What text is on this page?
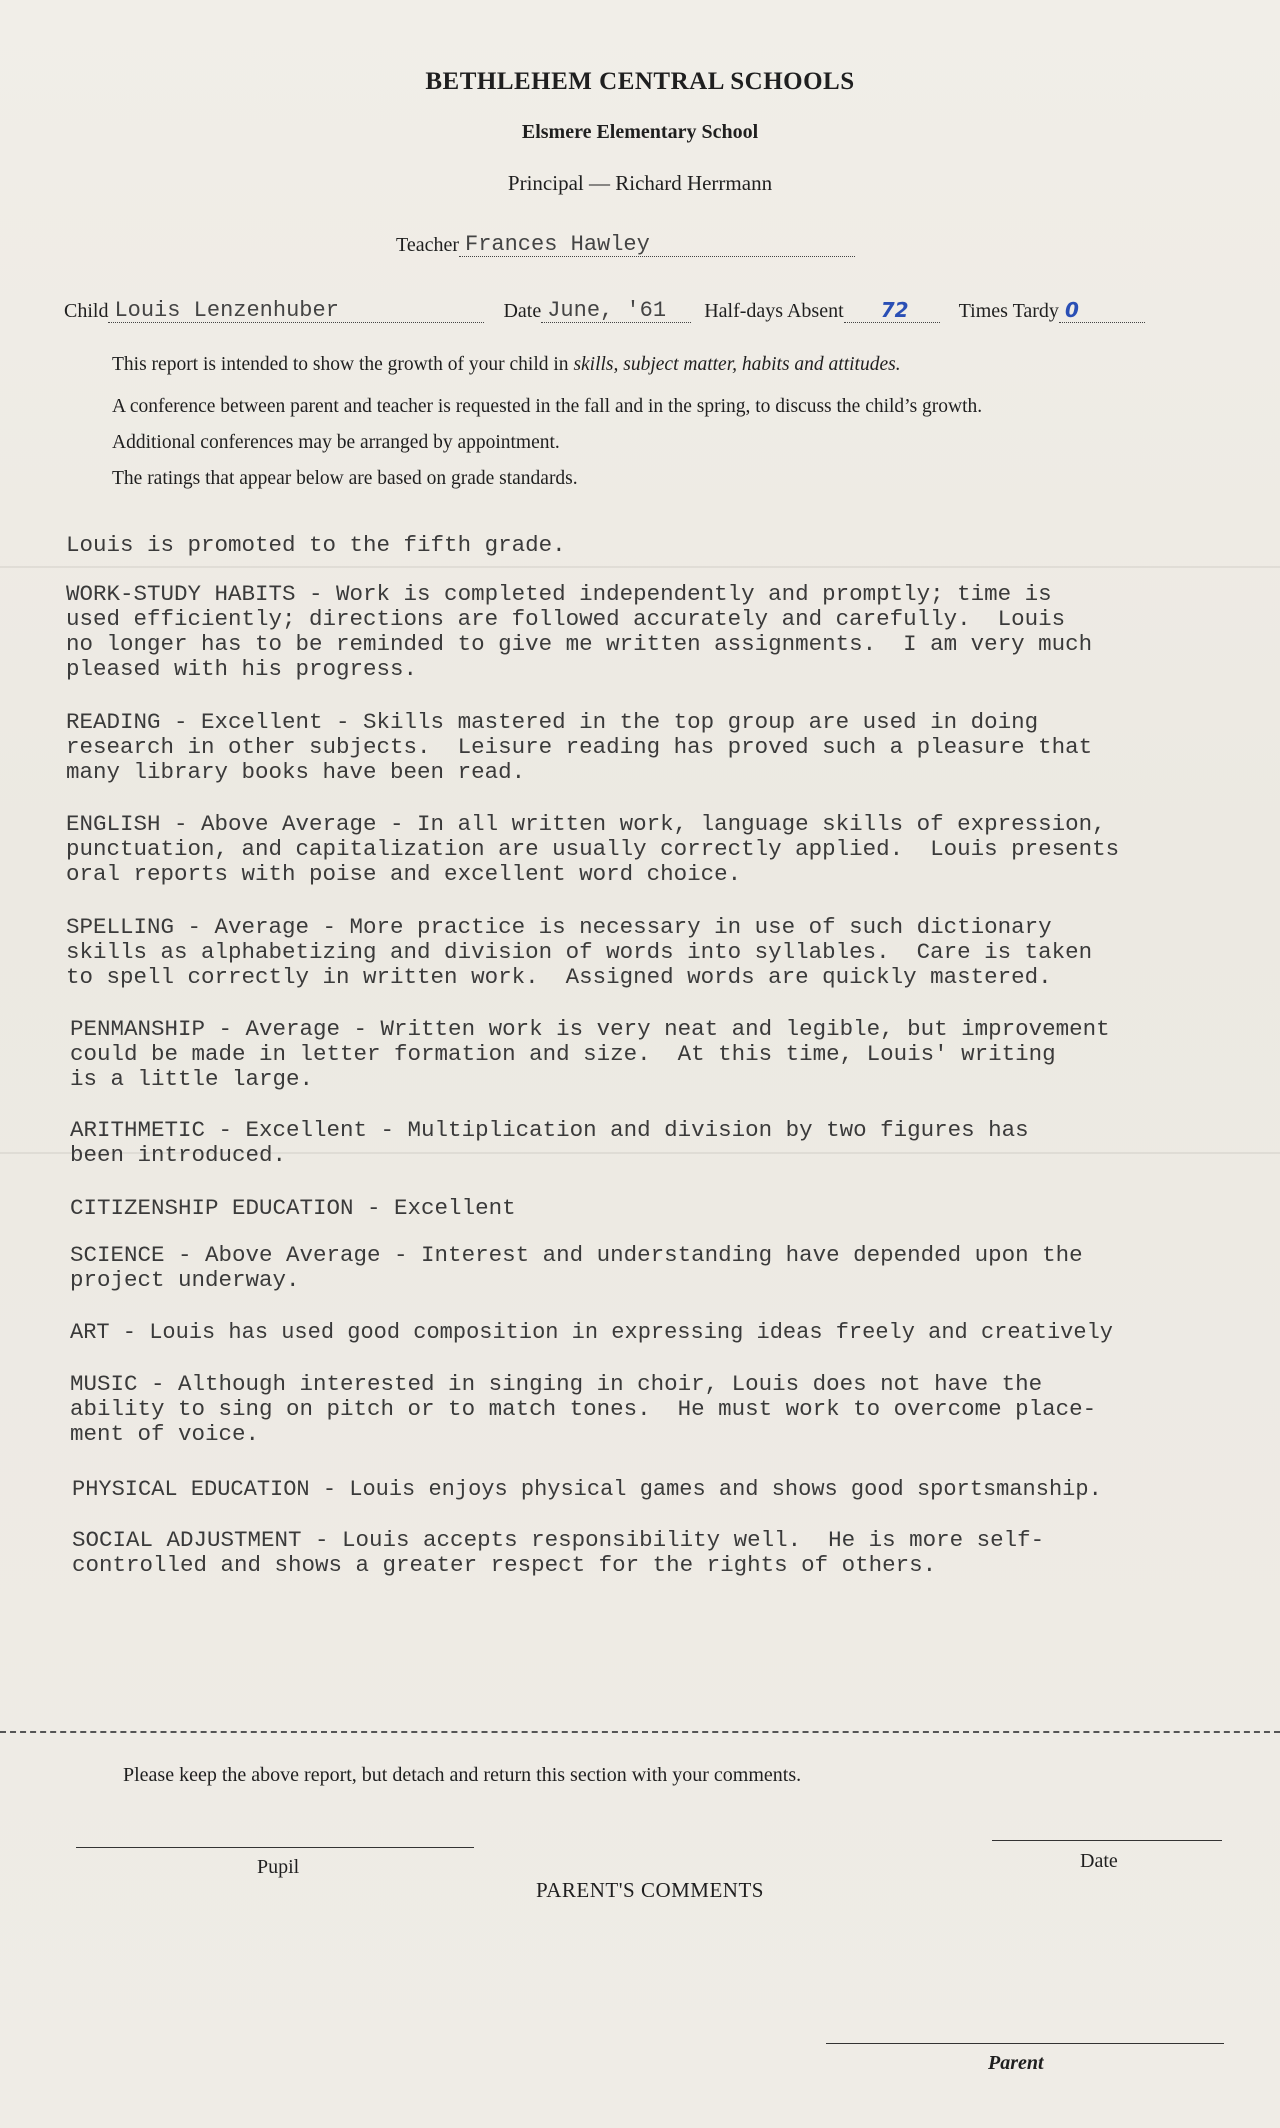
BETHLEHEM CENTRAL SCHOOLS
Elsmere Elementary School
Principal — Richard Herrmann
Teacher Frances Hawley
Child Louis Lenzenhuber	Date June, '61 Half-days Absent 72	Times Tardy 0
This report is intended to show the growth of your child in skills, subject matter, habits and attitudes.
A conference between parent and teacher is requested in the fall and in the spring, to discuss the child’s growth.
Additional conferences may be arranged by appointment.
The ratings that appear below are based on grade standards.
Louis is promoted to the fifth grade.
WORK-STUDY HABITS - Work is completed independently and promptly; time is
used efficiently; directions are followed accurately and carefully.  Louis
no longer has to be reminded to give me written assignments.  I am very much
pleased with his progress.
READING - Excellent - Skills mastered in the top group are used in doing
research in other subjects.  Leisure reading has proved such a pleasure that
many library books have been read.
ENGLISH - Above Average - In all written work, language skills of expression,
punctuation, and capitalization are usually correctly applied.  Louis presents
oral reports with poise and excellent word choice.
SPELLING - Average - More practice is necessary in use of such dictionary
skills as alphabetizing and division of words into syllables.  Care is taken
to spell correctly in written work.  Assigned words are quickly mastered.
PENMANSHIP - Average - Written work is very neat and legible, but improvement
could be made in letter formation and size.  At this time, Louis' writing
is a little large.
ARITHMETIC - Excellent - Multiplication and division by two figures has
been introduced.
CITIZENSHIP EDUCATION - Excellent
SCIENCE - Above Average - Interest and understanding have depended upon the
project underway.
ART - Louis has used good composition in expressing ideas freely and creatively
MUSIC - Although interested in singing in choir, Louis does not have the
ability to sing on pitch or to match tones.  He must work to overcome place-
ment of voice.
PHYSICAL EDUCATION - Louis enjoys physical games and shows good sportsmanship.
SOCIAL ADJUSTMENT - Louis accepts responsibility well.  He is more self-
controlled and shows a greater respect for the rights of others.
Please keep the above report, but detach and return this section with your comments.
Pupil	Date
PARENT'S COMMENTS
Parent
